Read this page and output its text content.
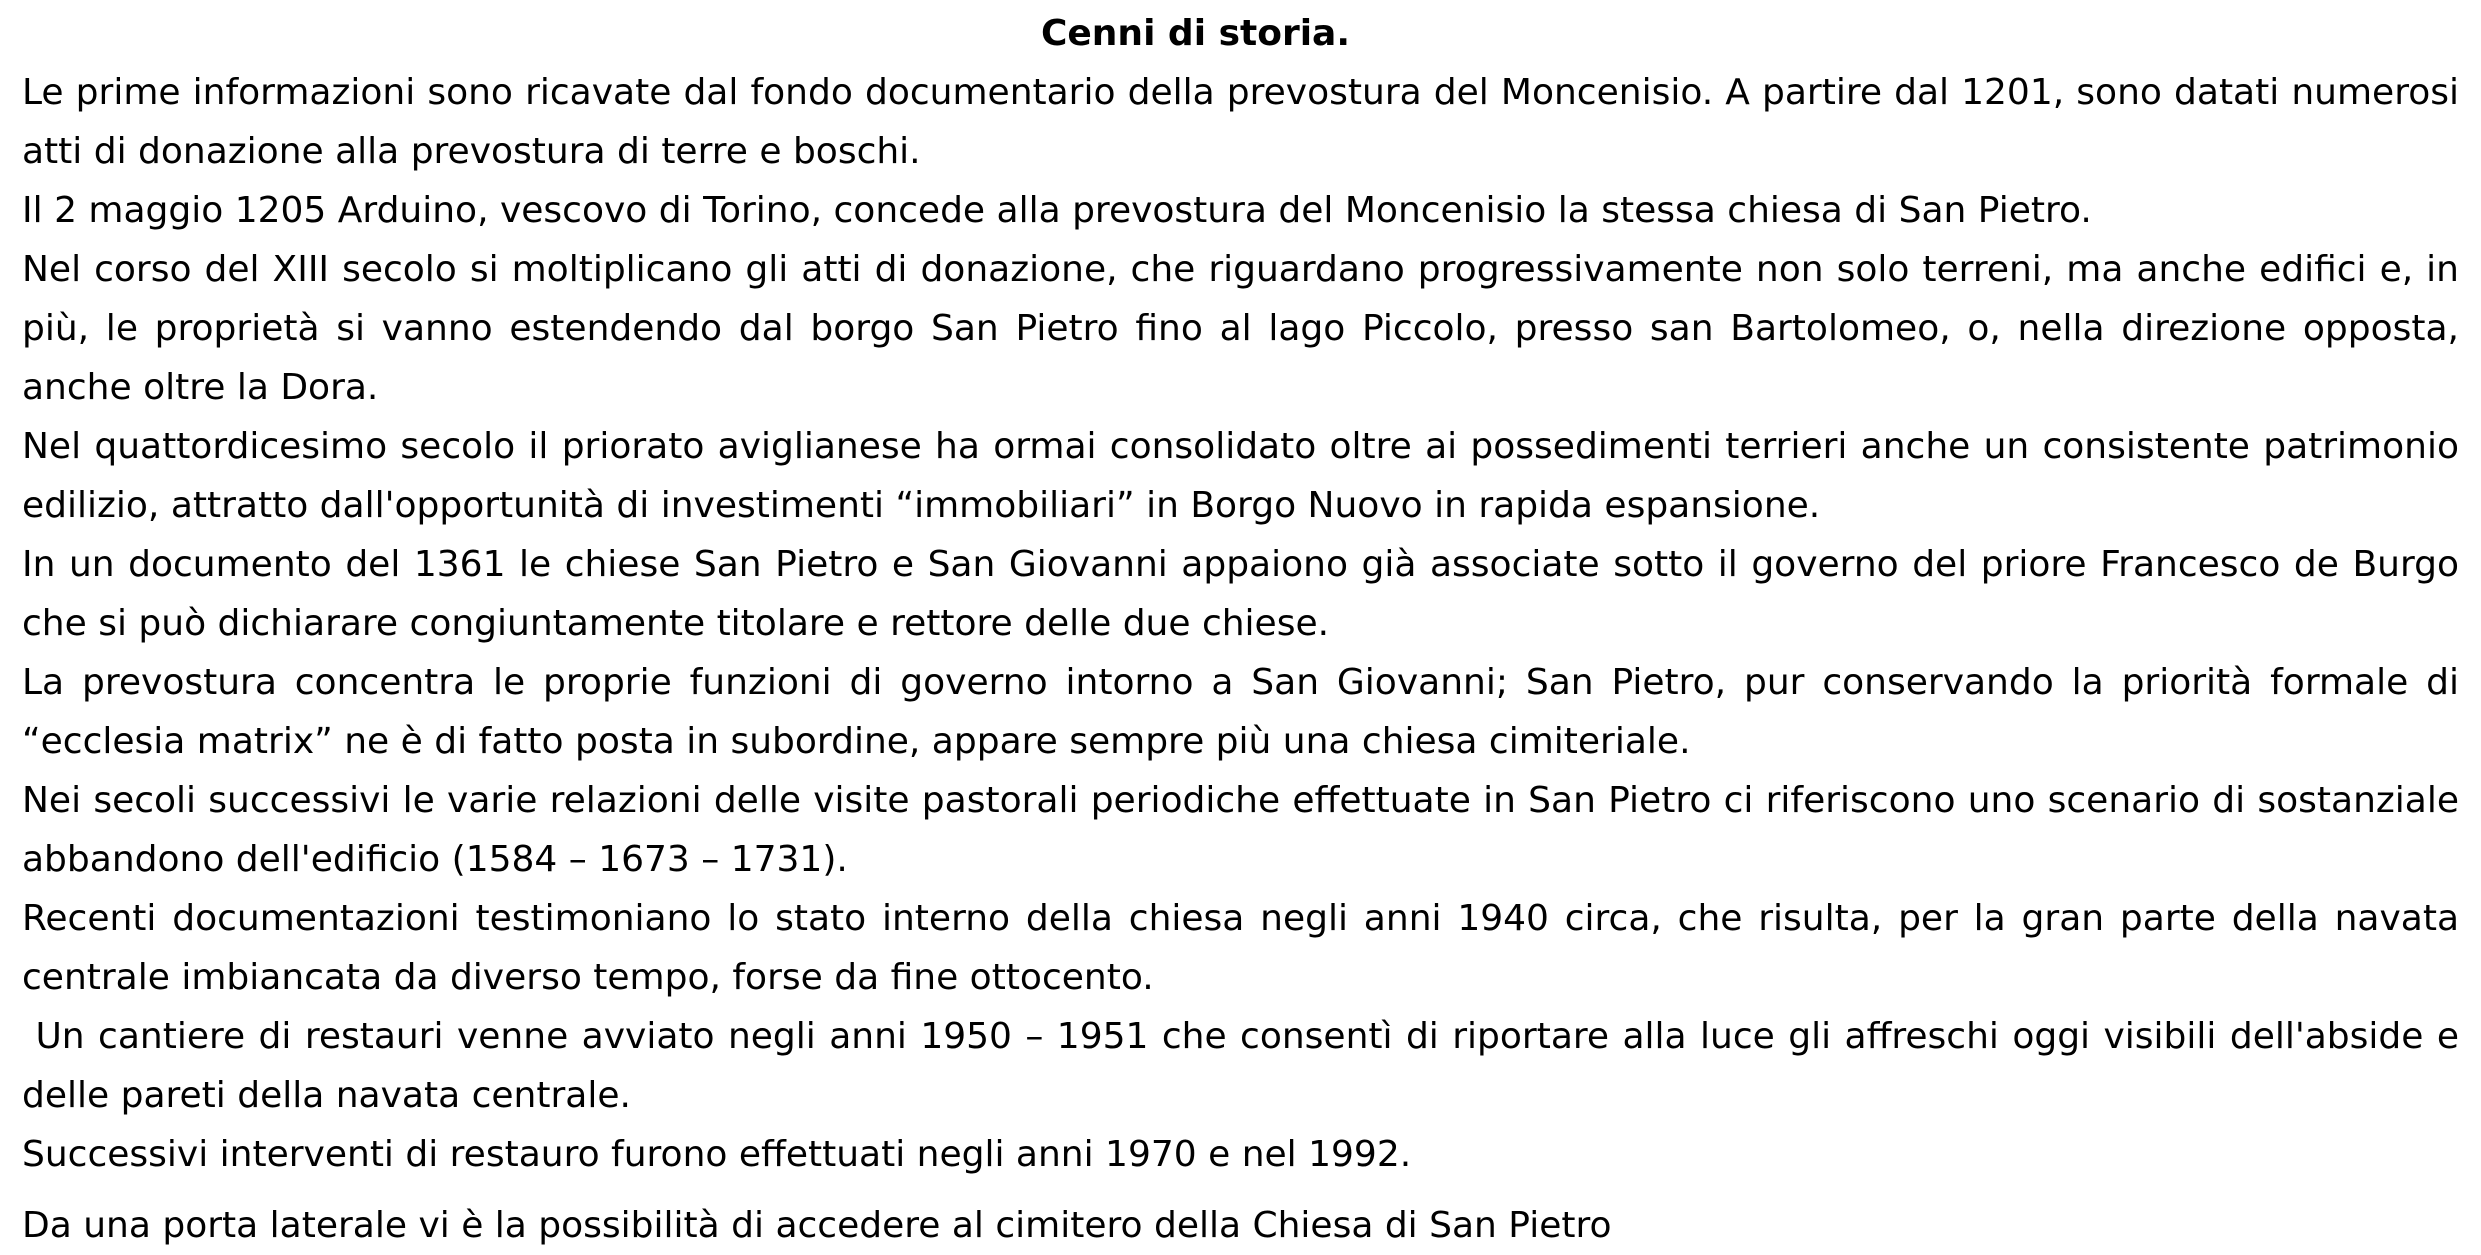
Cenni di storia.

Le prime informazioni sono ricavate dal fondo documentario della prevostura del Moncenisio. A partire dal 1201, sono datati numerosi atti di donazione alla prevostura di terre e boschi.

Il 2 maggio 1205 Arduino, vescovo di Torino, concede alla prevostura del Moncenisio la stessa chiesa di San Pietro.

Nel corso del XIII secolo si moltiplicano gli atti di donazione, che riguardano progressivamente non solo terreni, ma anche edifici e, in più, le proprietà si vanno estendendo dal borgo San Pietro fino al lago Piccolo, presso san Bartolomeo, o, nella direzione opposta, anche oltre la Dora.

Nel quattordicesimo secolo il priorato aviglianese ha ormai consolidato oltre ai possedimenti terrieri anche un consistente patrimonio edilizio, attratto dall'opportunità di investimenti “immobiliari” in Borgo Nuovo in rapida espansione.

In un documento del 1361 le chiese San Pietro e San Giovanni appaiono già associate sotto il governo del priore Francesco de Burgo che si può dichiarare congiuntamente titolare e rettore delle due chiese.

La prevostura concentra le proprie funzioni di governo intorno a San Giovanni; San Pietro, pur conservando la priorità formale di “ecclesia matrix” ne è di fatto posta in subordine, appare sempre più una chiesa cimiteriale.

Nei secoli successivi le varie relazioni delle visite pastorali periodiche effettuate in San Pietro ci riferiscono uno scenario di sostanziale abbandono dell'edificio (1584 – 1673 – 1731).

Recenti documentazioni testimoniano lo stato interno della chiesa negli anni 1940 circa, che risulta, per la gran parte della navata centrale imbiancata da diverso tempo, forse da fine ottocento.

Un cantiere di restauri venne avviato negli anni 1950 – 1951 che consentì di riportare alla luce gli affreschi oggi visibili dell'abside e delle pareti della navata centrale.

Successivi interventi di restauro furono effettuati negli anni 1970 e nel 1992.

Da una porta laterale vi è la possibilità di accedere al cimitero della Chiesa di San Pietro
